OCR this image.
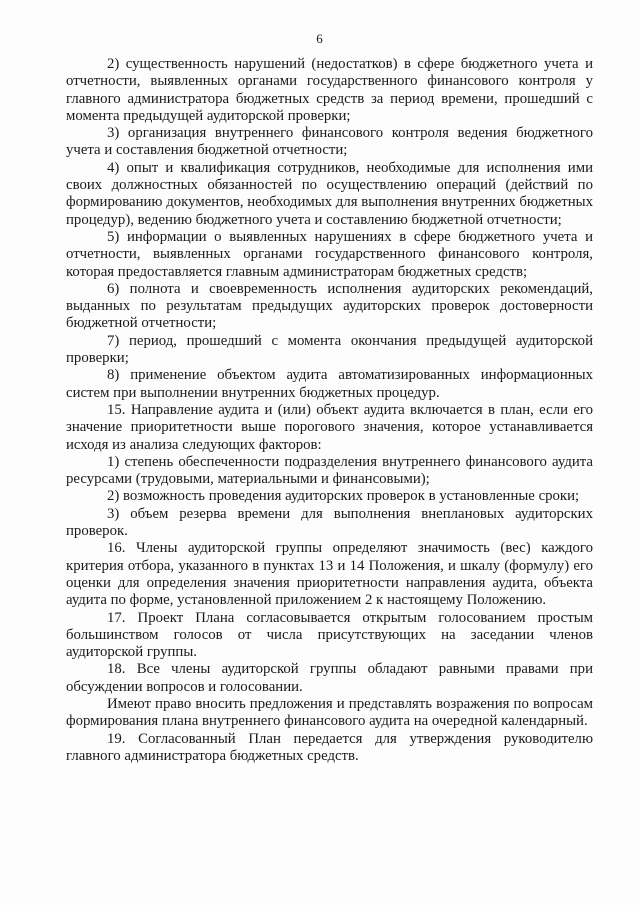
6

2) существенность нарушений (недостатков) в сфере бюджетного учета и отчетности, выявленных органами государственного финансового контроля у главного администратора бюджетных средств за период времени, прошедший с момента предыдущей аудиторской проверки;

3) организация внутреннего финансового контроля ведения бюджетного учета и составления бюджетной отчетности;

4) опыт и квалификация сотрудников, необходимые для исполнения ими своих должностных обязанностей по осуществлению операций (действий по формированию документов, необходимых для выполнения внутренних бюджетных процедур), ведению бюджетного учета и составлению бюджетной отчетности;

5) информации о выявленных нарушениях в сфере бюджетного учета и отчетности, выявленных органами государственного финансового контроля, которая предоставляется главным администраторам бюджетных средств;

6) полнота и своевременность исполнения аудиторских рекомендаций, выданных по результатам предыдущих аудиторских проверок достоверности бюджетной отчетности;

7) период, прошедший с момента окончания предыдущей аудиторской проверки;

8) применение объектом аудита автоматизированных информационных систем при выполнении внутренних бюджетных процедур.

15. Направление аудита и (или) объект аудита включается в план, если его значение приоритетности выше порогового значения, которое устанавливается исходя из анализа следующих факторов:

1) степень обеспеченности подразделения внутреннего финансового аудита ресурсами (трудовыми, материальными и финансовыми);

2) возможность проведения аудиторских проверок в установленные сроки;

3) объем резерва времени для выполнения внеплановых аудиторских проверок.

16. Члены аудиторской группы определяют значимость (вес) каждого критерия отбора, указанного в пунктах 13 и 14 Положения, и шкалу (формулу) его оценки для определения значения приоритетности направления аудита, объекта аудита по форме, установленной приложением 2 к настоящему Положению.

17. Проект Плана согласовывается открытым голосованием простым большинством голосов от числа присутствующих на заседании членов аудиторской группы.

18. Все члены аудиторской группы обладают равными правами при обсуждении вопросов и голосовании.

Имеют право вносить предложения и представлять возражения по вопросам формирования плана внутреннего финансового аудита на очередной календарный.

19. Согласованный План передается для утверждения руководителю главного администратора бюджетных средств.
